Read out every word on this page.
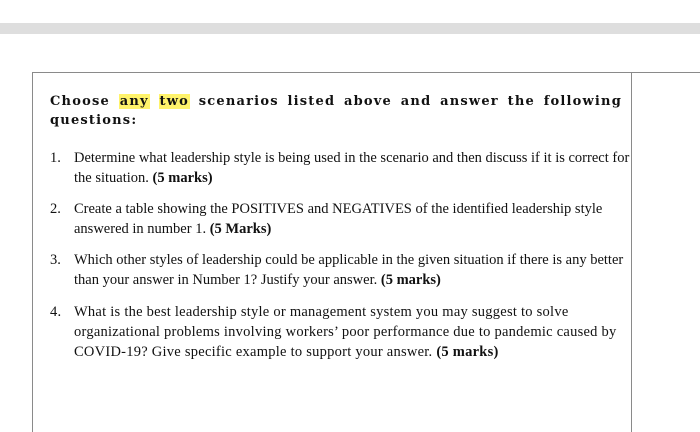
Choose any two scenarios listed above and answer the following questions:
1. Determine what leadership style is being used in the scenario and then discuss if it is correct for the situation. (5 marks)
2. Create a table showing the POSITIVES and NEGATIVES of the identified leadership style answered in number 1. (5 Marks)
3. Which other styles of leadership could be applicable in the given situation if there is any better than your answer in Number 1? Justify your answer. (5 marks)
4. What is the best leadership style or management system you may suggest to solve organizational problems involving workers’ poor performance due to pandemic caused by COVID-19? Give specific example to support your answer. (5 marks)
